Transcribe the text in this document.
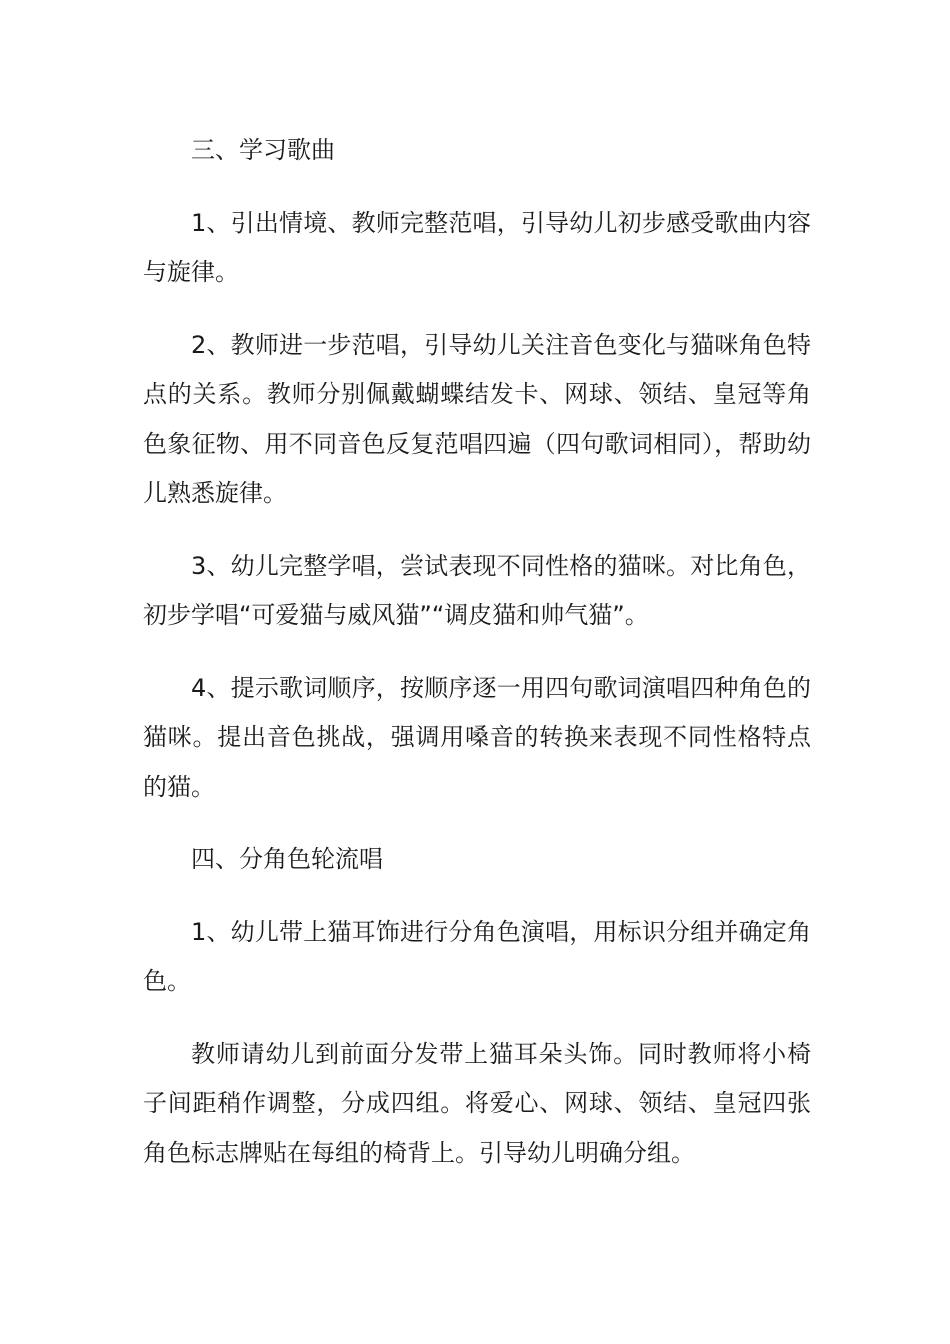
三、学习歌曲

1、引出情境、教师完整范唱，引导幼儿初步感受歌曲内容与旋律。

2、教师进一步范唱，引导幼儿关注音色变化与猫咪角色特点的关系。教师分别佩戴蝴蝶结发卡、网球、领结、皇冠等角色象征物、用不同音色反复范唱四遍（四句歌词相同），帮助幼儿熟悉旋律。

3、幼儿完整学唱，尝试表现不同性格的猫咪。对比角色，初步学唱“可爱猫与威风猫”“调皮猫和帅气猫”。

4、提示歌词顺序，按顺序逐一用四句歌词演唱四种角色的猫咪。提出音色挑战，强调用嗓音的转换来表现不同性格特点的猫。

四、分角色轮流唱

1、幼儿带上猫耳饰进行分角色演唱，用标识分组并确定角色。

教师请幼儿到前面分发带上猫耳朵头饰。同时教师将小椅子间距稍作调整，分成四组。将爱心、网球、领结、皇冠四张角色标志牌贴在每组的椅背上。引导幼儿明确分组。
